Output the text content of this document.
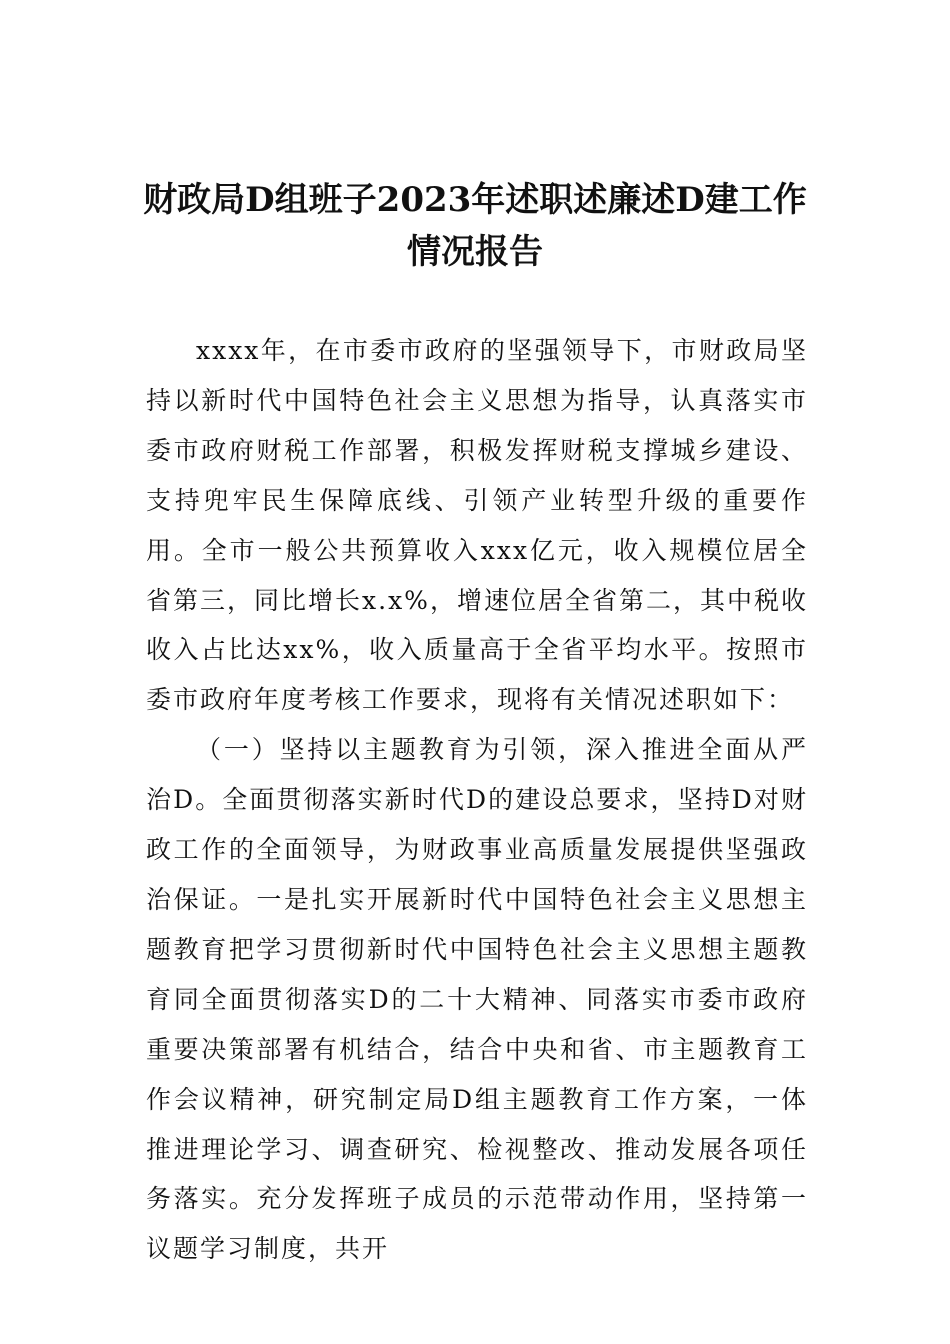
财政局D组班子2023年述职述廉述D建工作情况报告

xxxx年，在市委市政府的坚强领导下，市财政局坚持以新时代中国特色社会主义思想为指导，认真落实市委市政府财税工作部署，积极发挥财税支撑城乡建设、支持兜牢民生保障底线、引领产业转型升级的重要作用。全市一般公共预算收入xxx亿元，收入规模位居全省第三，同比增长x.x%，增速位居全省第二，其中税收收入占比达xx%，收入质量高于全省平均水平。按照市委市政府年度考核工作要求，现将有关情况述职如下：

（一）坚持以主题教育为引领，深入推进全面从严治D。全面贯彻落实新时代D的建设总要求，坚持D对财政工作的全面领导，为财政事业高质量发展提供坚强政治保证。一是扎实开展新时代中国特色社会主义思想主题教育把学习贯彻新时代中国特色社会主义思想主题教育同全面贯彻落实D的二十大精神、同落实市委市政府重要决策部署有机结合，结合中央和省、市主题教育工作会议精神，研究制定局D组主题教育工作方案，一体推进理论学习、调查研究、检视整改、推动发展各项任务落实。充分发挥班子成员的示范带动作用，坚持第一议题学习制度，共开
